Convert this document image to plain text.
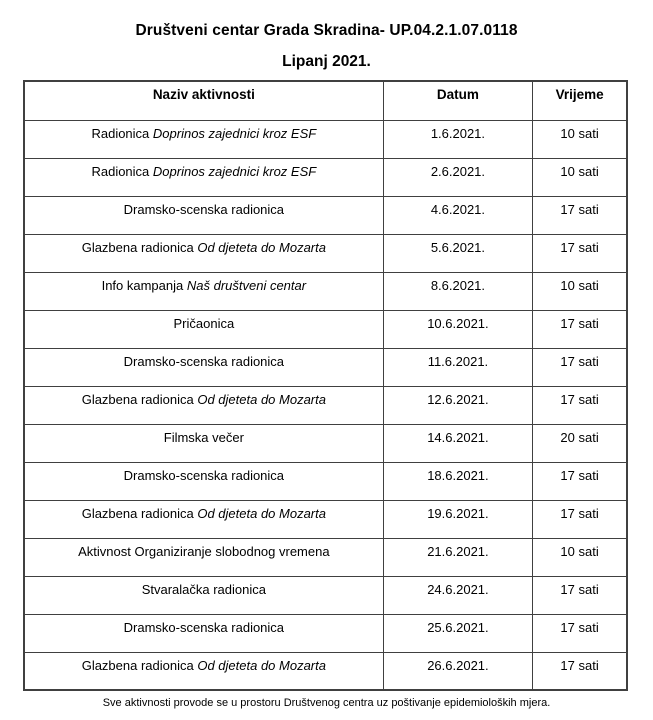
Društveni centar Grada Skradina- UP.04.2.1.07.0118
Lipanj 2021.
Naziv aktivnosti	Datum	Vrijeme
Radionica Doprinos zajednici kroz ESF	1.6.2021.	10 sati
Radionica Doprinos zajednici kroz ESF	2.6.2021.	10 sati
Dramsko-scenska radionica	4.6.2021.	17 sati
Glazbena radionica Od djeteta do Mozarta	5.6.2021.	17 sati
Info kampanja Naš društveni centar	8.6.2021.	10 sati
Pričaonica	10.6.2021.	17 sati
Dramsko-scenska radionica	11.6.2021.	17 sati
Glazbena radionica Od djeteta do Mozarta	12.6.2021.	17 sati
Filmska večer	14.6.2021.	20 sati
Dramsko-scenska radionica	18.6.2021.	17 sati
Glazbena radionica Od djeteta do Mozarta	19.6.2021.	17 sati
Aktivnost Organiziranje slobodnog vremena	21.6.2021.	10 sati
Stvaralačka radionica	24.6.2021.	17 sati
Dramsko-scenska radionica	25.6.2021.	17 sati
Glazbena radionica Od djeteta do Mozarta	26.6.2021.	17 sati

Sve aktivnosti provode se u prostoru Društvenog centra uz poštivanje epidemioloških mjera.
